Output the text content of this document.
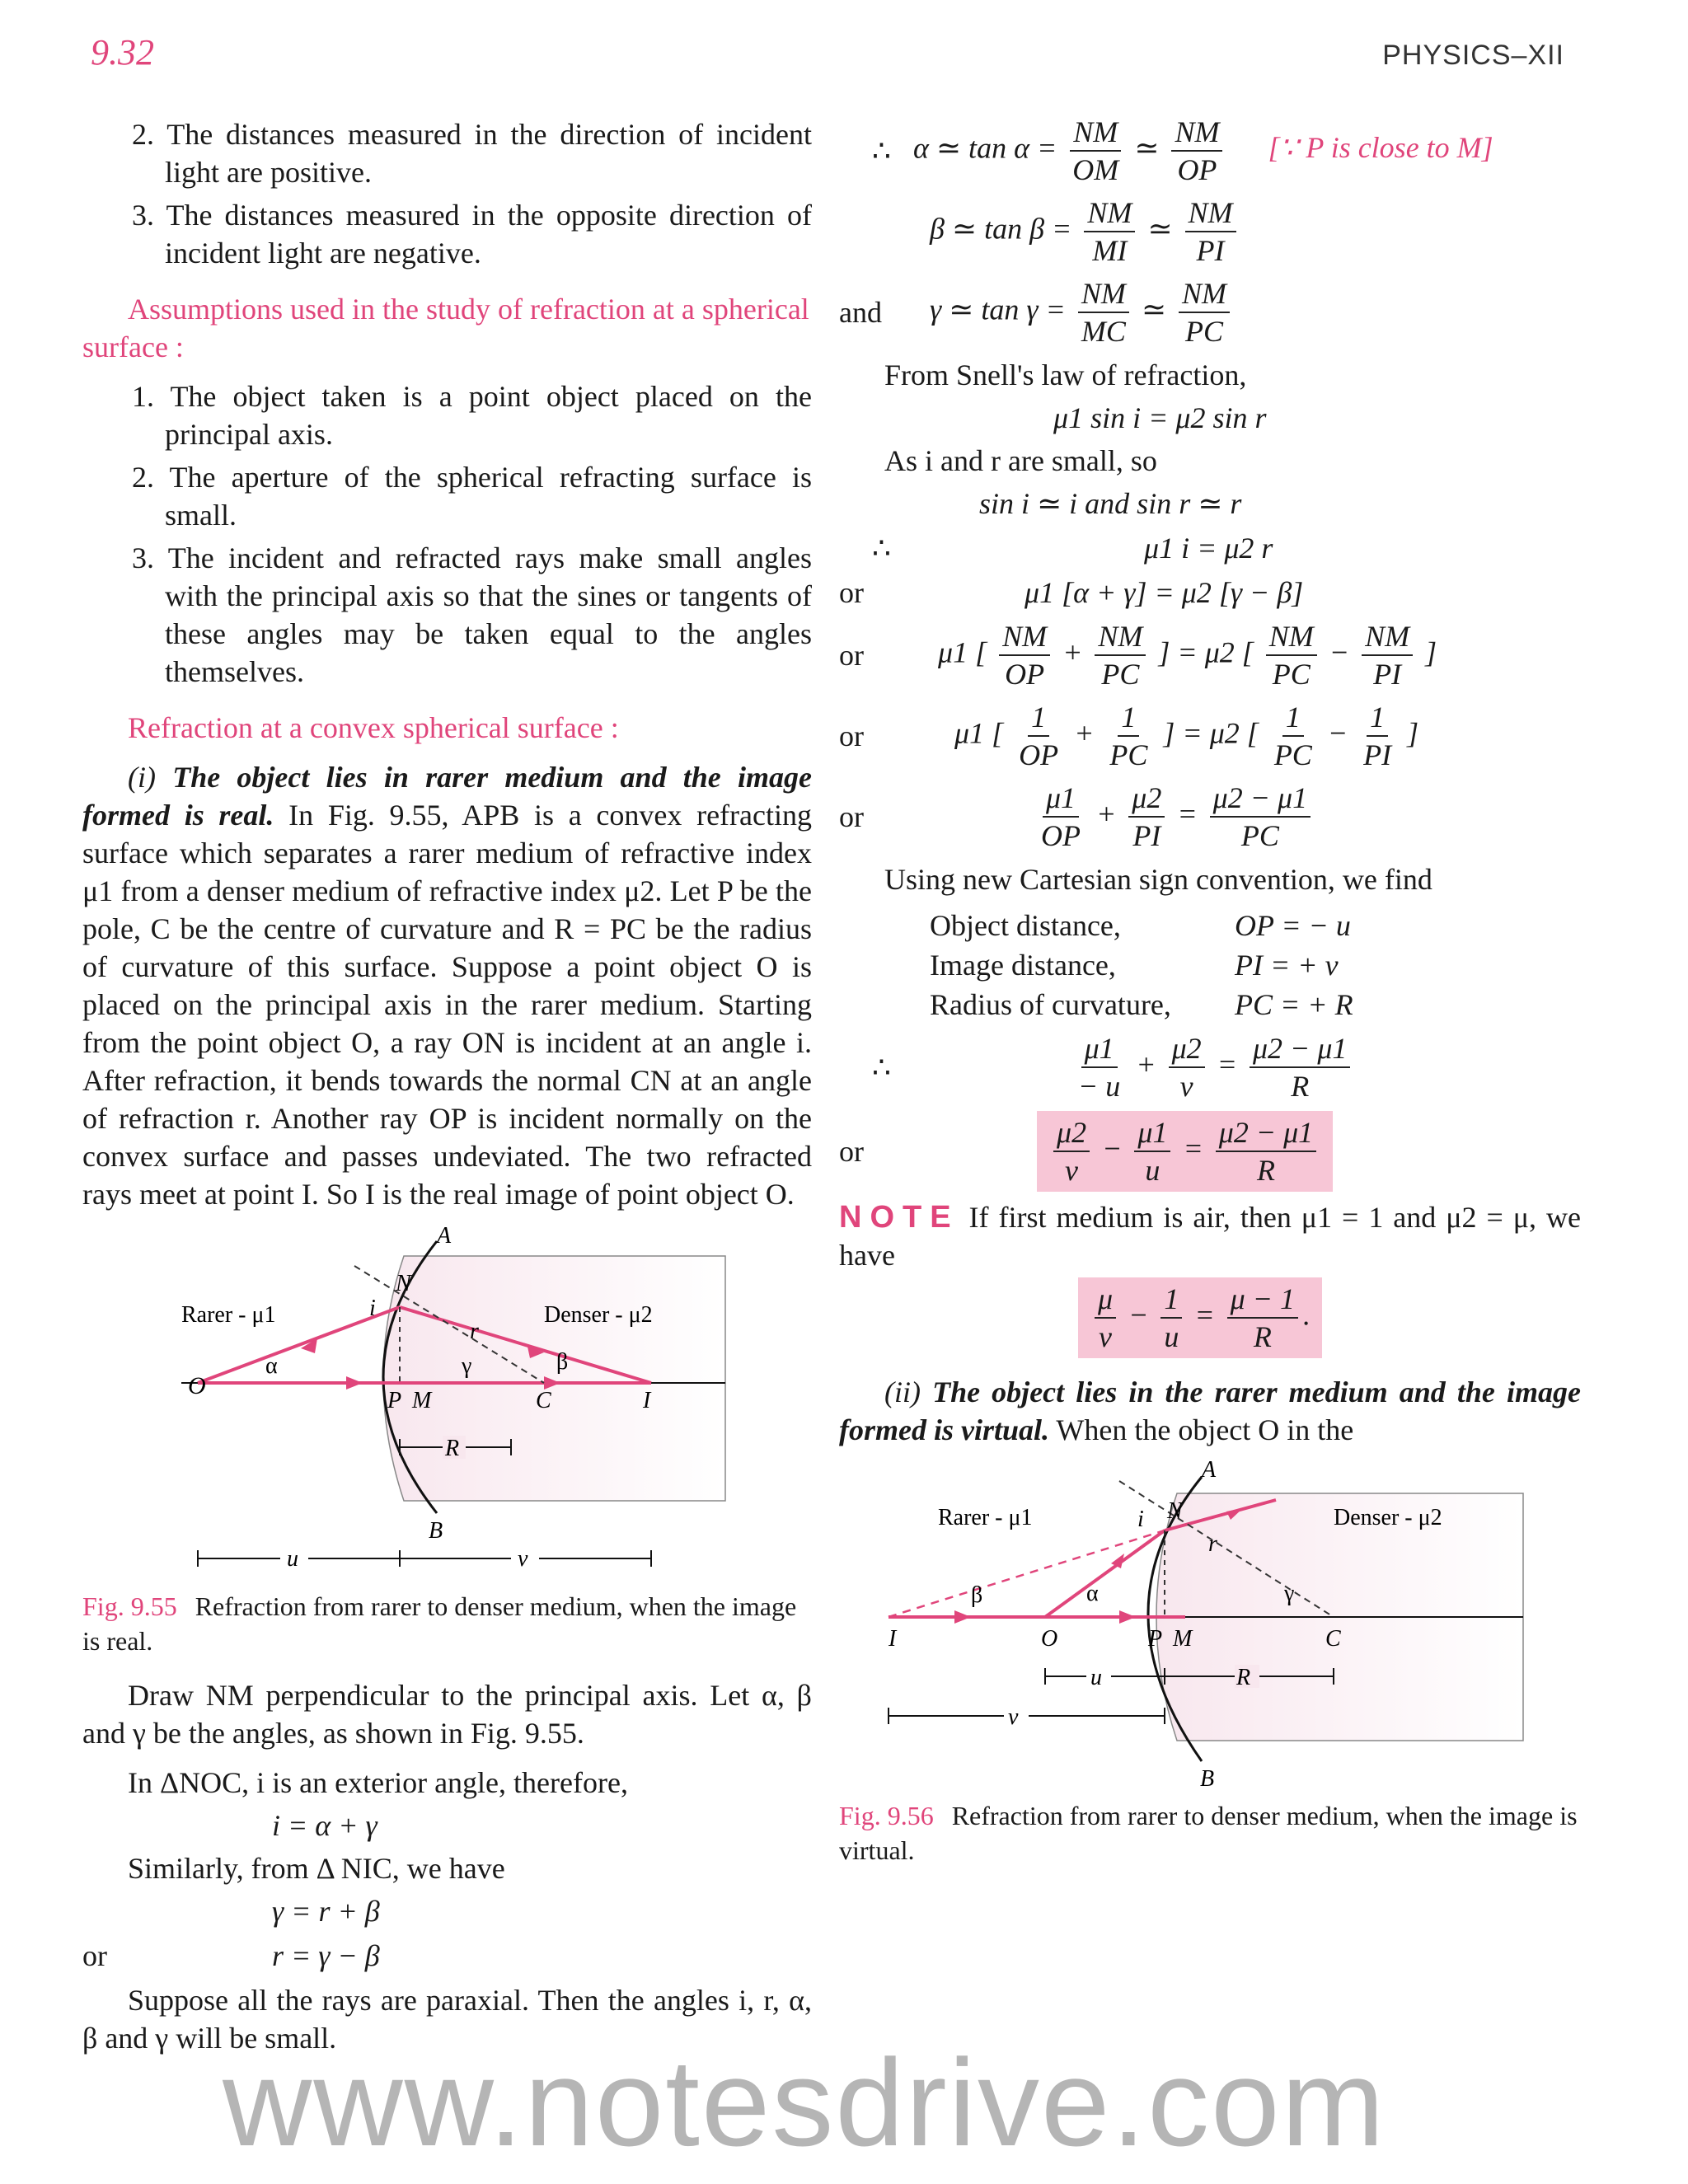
9.32	PHYSICS–XII
2. The distances measured in the direction of incident light are positive.
3. The distances measured in the opposite direction of incident light are negative.
Assumptions used in the study of refraction at a spherical surface :
1. The object taken is a point object placed on the principal axis.
2. The aperture of the spherical refracting surface is small.
3. The incident and refracted rays make small angles with the principal axis so that the sines or tangents of these angles may be taken equal to the angles themselves.
Refraction at a convex spherical surface :

(i) The object lies in rarer medium and the image formed is real. In Fig. 9.55, APB is a convex refracting surface which separates a rarer medium of refractive index μ1 from a denser medium of refractive index μ2. Let P be the pole, C be the centre of curvature and R = PC be the radius of curvature of this surface. Suppose a point object O is placed on the principal axis in the rarer medium. Starting from the point object O, a ray ON is incident at an angle i. After refraction, it bends towards the normal CN at an angle of refraction r. Another ray OP is incident normally on the convex surface and passes undeviated. The two refracted rays meet at point I. So I is the real image of point object O.

O
α
P M	C	I
A
B
N
i
r
γ	β
Rarer - μ1	Denser - μ2
R
u	v
Fig. 9.55 Refraction from rarer to denser medium, when the image is real.

Draw NM perpendicular to the principal axis. Let α, β and γ be the angles, as shown in Fig. 9.55.

In ΔNOC, i is an exterior angle, therefore,

i = α + γ

Similarly, from Δ NIC, we have

γ = r + β
or	r = γ − β

Suppose all the rays are paraxial. Then the angles i, r, α, β and γ will be small.

∴ α ≃ $\tan \alpha = \frac{NM}{OM}$ ≃ $\frac{NM}{OP}$ [∵ P is close to M]
β ≃ $\tan \beta = \frac{NM}{MI}$ ≃ $\frac{NM}{PI}$
and	γ ≃ $\tan \gamma = \frac{NM}{MC}$ ≃ $\frac{NM}{PC}$

From Snell's law of refraction,

μ1 sin i = μ2 sin r

As i and r are small, so

sin i ≃ i and sin r ≃ r
∴	μ1 i = μ2 r
or	μ1 [α + γ] = μ2 [γ − β]
or	μ1 [ $\frac{NM}{OP} + \frac{NM}{PC}$ ] = μ2 [ $\frac{NM}{PC} - \frac{NM}{PI}$ ]
or	μ1 [ $\frac{1}{OP} + \frac{1}{PC}$ ] = μ2 [ $\frac{1}{PC} - \frac{1}{PI}$ ]
or	$\frac{\mu 1}{OP} + \frac{\mu 2}{PI} = \frac{\mu 2 - \mu 1}{PC}$

Using new Cartesian sign convention, we find

Object distance,	OP = − u
Image distance,	PI = + v
Radius of curvature,	PC = + R
∴	$\frac{\mu 1}{- u} + \frac{\mu 2}{v} = \frac{\mu 2 - \mu 1}{R}$
or	$\frac{\mu 2}{v} - \frac{\mu 1}{u} = \frac{\mu 2 - \mu 1}{R}$

NOTE If first medium is air, then μ1 = 1 and μ2 = μ, we have

$\frac{\mu}{v} - \frac{1}{u} = \frac{\mu - 1}{R}$ .

(ii) The object lies in the rarer medium and the image formed is virtual. When the object O in the

I
β
O
α
P M	C
A
B
N
i
r
γ
Rarer - μ1	Denser - μ2
u	R
v
Fig. 9.56 Refraction from rarer to denser medium, when the image is virtual.
www.notesdrive.com
